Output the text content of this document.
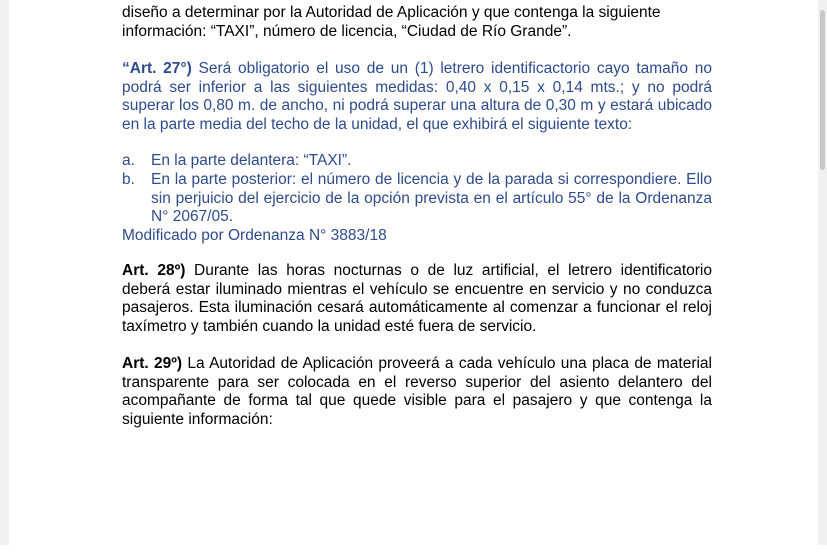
diseño a determinar por la Autoridad de Aplicación y que contenga la siguiente
información: “TAXI”, número de licencia, “Ciudad de Río Grande”.

“Art. 27°) Será obligatorio el uso de un (1) letrero identificactorio cayo tamaño no podrá ser inferior a las siguientes medidas: 0,40 x 0,15 x 0,14 mts.; y no podrá superar los 0,80 m. de ancho, ni podrá superar una altura de 0,30 m y estará ubicado en la parte media del techo de la unidad, el que exhibirá el siguiente texto:

a. En la parte delantera: “TAXI”.
b. En la parte posterior: el número de licencia y de la parada si correspondiere. Ello sin perjuicio del ejercicio de la opción prevista en el artículo 55° de la Ordenanza N° 2067/05.
Modificado por Ordenanza N° 3883/18

Art. 28º) Durante las horas nocturnas o de luz artificial, el letrero identificatorio deberá estar iluminado mientras el vehículo se encuentre en servicio y no conduzca pasajeros. Esta iluminación cesará automáticamente al comenzar a funcionar el reloj taxímetro y también cuando la unidad esté fuera de servicio.

Art. 29º) La Autoridad de Aplicación proveerá a cada vehículo una placa de material transparente para ser colocada en el reverso superior del asiento delantero del acompañante de forma tal que quede visible para el pasajero y que contenga la siguiente información:
